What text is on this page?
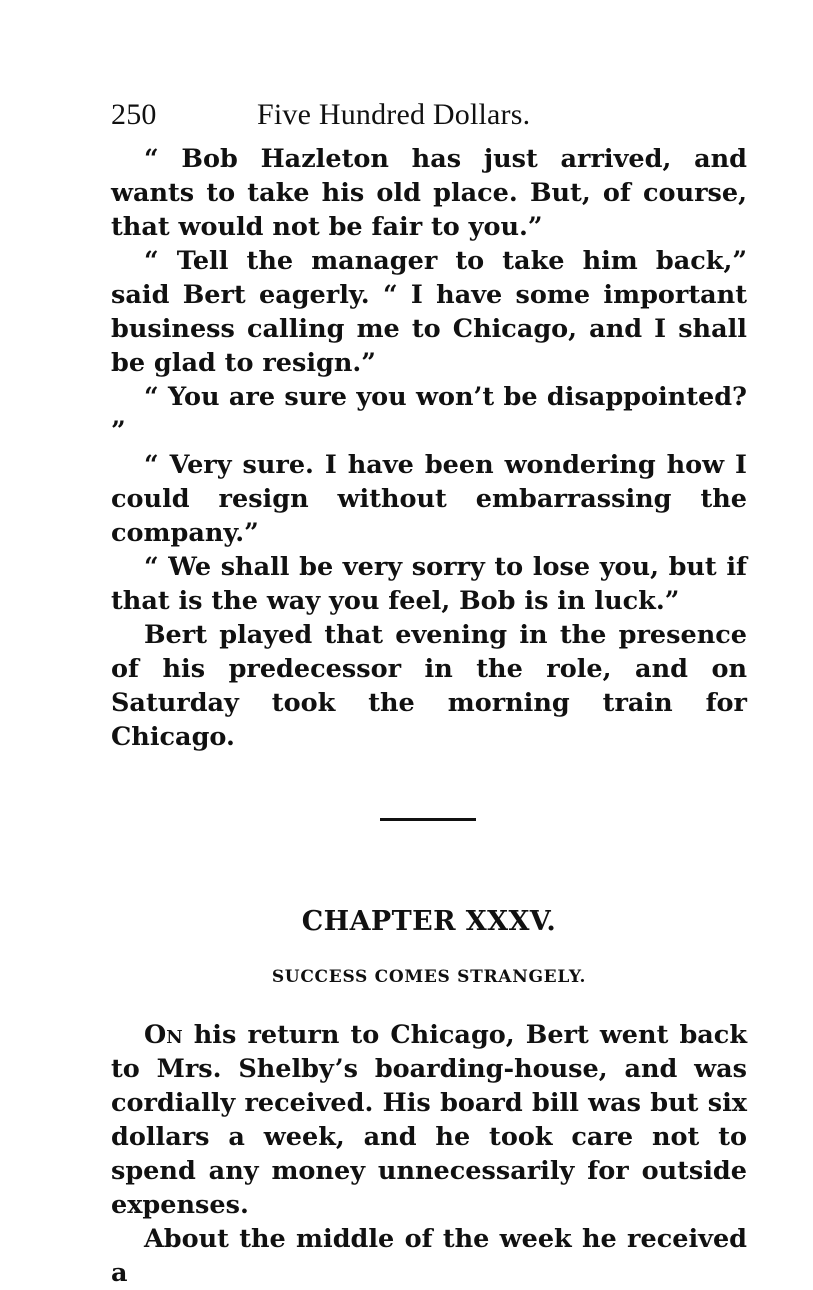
250	Five Hundred Dollars.

“ Bob Hazleton has just arrived, and wants to take his old place. But, of course, that would not be fair to you.”

“ Tell the manager to take him back,” said Bert eagerly. “ I have some important business calling me to Chicago, and I shall be glad to resign.”

“ You are sure you won’t be disappointed? ”

“ Very sure. I have been wondering how I could resign without embarrassing the company.”

“ We shall be very sorry to lose you, but if that is the way you feel, Bob is in luck.”

Bert played that evening in the presence of his predecessor in the role, and on Saturday took the morning train for Chicago.

CHAPTER XXXV.
SUCCESS COMES STRANGELY.

On his return to Chicago, Bert went back to Mrs. Shelby’s boarding-house, and was cordially received. His board bill was but six dollars a week, and he took care not to spend any money unnecessarily for outside expenses.

About the middle of the week he received a
